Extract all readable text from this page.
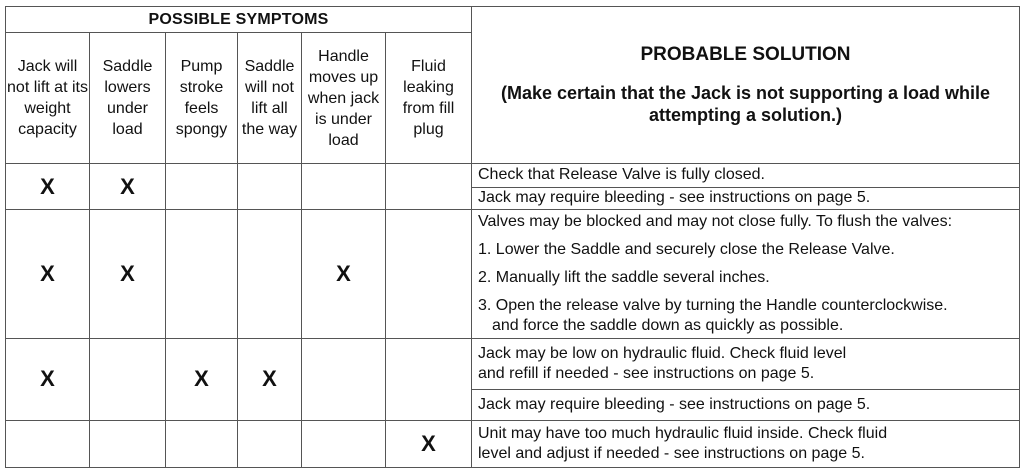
POSSIBLE SYMPTOMS						PROBABLE SOLUTION
(Make certain that the Jack is not supporting a load while attempting a solution.)

Jack will not lift at its weight capacity	Saddle lowers under load	Pump stroke feels spongy	Saddle will not lift all the way	Handle moves up when jack is under load	Fluid leaking from fill plug	
X	X					Check that Release Valve is fully closed.

						Jack may require bleeding - see instructions on page 5.

X	X			X		Valves may be blocked and may not close fully. To flush the valves:
1. Lower the Saddle and securely close the Release Valve.
2. Manually lift the saddle several inches.
3. Open the release valve by turning the Handle counterclockwise.
and force the saddle down as quickly as possible.

X		X	X			Jack may be low on hydraulic fluid. Check fluid level
and refill if needed - see instructions on page 5.

						Jack may require bleeding - see instructions on page 5.

					X	Unit may have too much hydraulic fluid inside. Check fluid
level and adjust if needed - see instructions on page 5.
